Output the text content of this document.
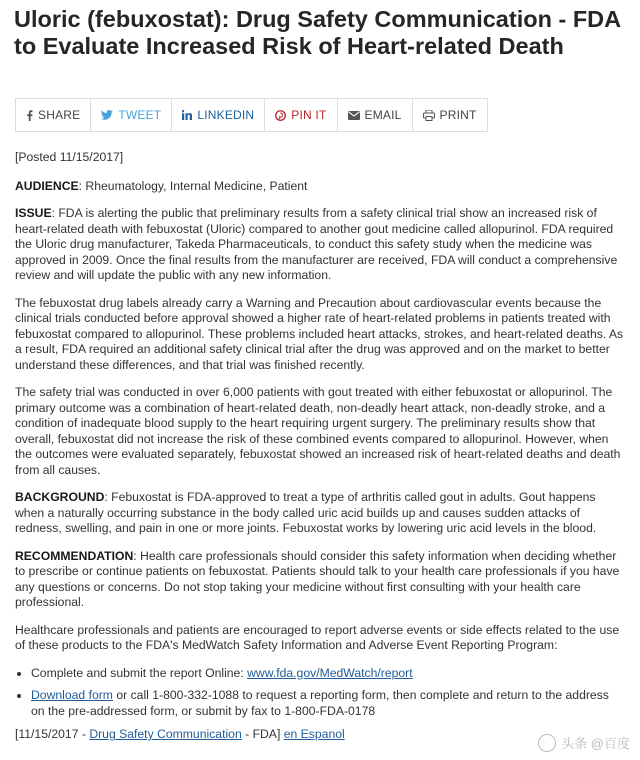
Uloric (febuxostat): Drug Safety Communication - FDA to Evaluate Increased Risk of Heart-related Death
SHARE	TWEET	LINKEDIN	PIN IT	EMAIL	PRINT

[Posted 11/15/2017]

AUDIENCE: Rheumatology, Internal Medicine, Patient

ISSUE: FDA is alerting the public that preliminary results from a safety clinical trial show an increased risk of heart-related death with febuxostat (Uloric) compared to another gout medicine called allopurinol. FDA required the Uloric drug manufacturer, Takeda Pharmaceuticals, to conduct this safety study when the medicine was approved in 2009. Once the final results from the manufacturer are received, FDA will conduct a comprehensive review and will update the public with any new information.

The febuxostat drug labels already carry a Warning and Precaution about cardiovascular events because the clinical trials conducted before approval showed a higher rate of heart-related problems in patients treated with febuxostat compared to allopurinol. These problems included heart attacks, strokes, and heart-related deaths. As a result, FDA required an additional safety clinical trial after the drug was approved and on the market to better understand these differences, and that trial was finished recently.

The safety trial was conducted in over 6,000 patients with gout treated with either febuxostat or allopurinol. The primary outcome was a combination of heart-related death, non-deadly heart attack, non-deadly stroke, and a condition of inadequate blood supply to the heart requiring urgent surgery. The preliminary results show that overall, febuxostat did not increase the risk of these combined events compared to allopurinol. However, when the outcomes were evaluated separately, febuxostat showed an increased risk of heart-related deaths and death from all causes.

BACKGROUND: Febuxostat is FDA-approved to treat a type of arthritis called gout in adults. Gout happens when a naturally occurring substance in the body called uric acid builds up and causes sudden attacks of redness, swelling, and pain in one or more joints. Febuxostat works by lowering uric acid levels in the blood.

RECOMMENDATION: Health care professionals should consider this safety information when deciding whether to prescribe or continue patients on febuxostat. Patients should talk to your health care professionals if you have any questions or concerns. Do not stop taking your medicine without first consulting with your health care professional.

Healthcare professionals and patients are encouraged to report adverse events or side effects related to the use of these products to the FDA's MedWatch Safety Information and Adverse Event Reporting Program:

• Complete and submit the report Online: www.fda.gov/MedWatch/report
• Download form or call 1-800-332-1088 to request a reporting form, then complete and return to the address on the pre-addressed form, or submit by fax to 1-800-FDA-0178

[11/15/2017 - Drug Safety Communication - FDA] en Espanol

头条 @百度
